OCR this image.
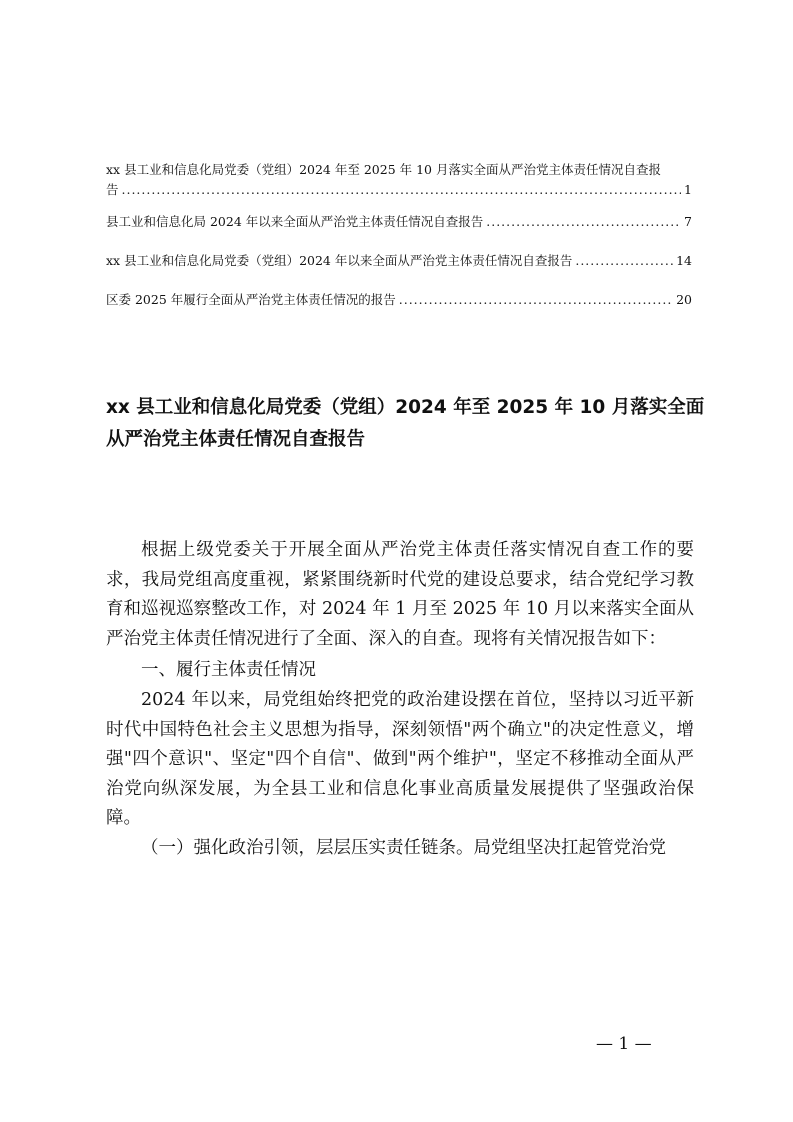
xx 县工业和信息化局党委（党组）2024 年至 2025 年 10 月落实全面从严治党主体责任情况自查报
告 .....	1
县工业和信息化局 2024 年以来全面从严治党主体责任情况自查报告 .....	7
xx 县工业和信息化局党委（党组）2024 年以来全面从严治党主体责任情况自查报告 .....	14
区委 2025 年履行全面从严治党主体责任情况的报告 .....	20
xx 县工业和信息化局党委（党组）2024 年至 2025 年 10 月落实全面
从严治党主体责任情况自查报告

根据上级党委关于开展全面从严治党主体责任落实情况自查工作的要求，我局党组高度重视，紧紧围绕新时代党的建设总要求，结合党纪学习教育和巡视巡察整改工作，对 2024 年 1 月至 2025 年 10 月以来落实全面从严治党主体责任情况进行了全面、深入的自查。现将有关情况报告如下：

一、履行主体责任情况

2024 年以来，局党组始终把党的政治建设摆在首位，坚持以习近平新时代中国特色社会主义思想为指导，深刻领悟"两个确立"的决定性意义，增强"四个意识"、坚定"四个自信"、做到"两个维护"，坚定不移推动全面从严治党向纵深发展，为全县工业和信息化事业高质量发展提供了坚强政治保障。

（一）强化政治引领，层层压实责任链条。局党组坚决扛起管党治党

— 1 —
